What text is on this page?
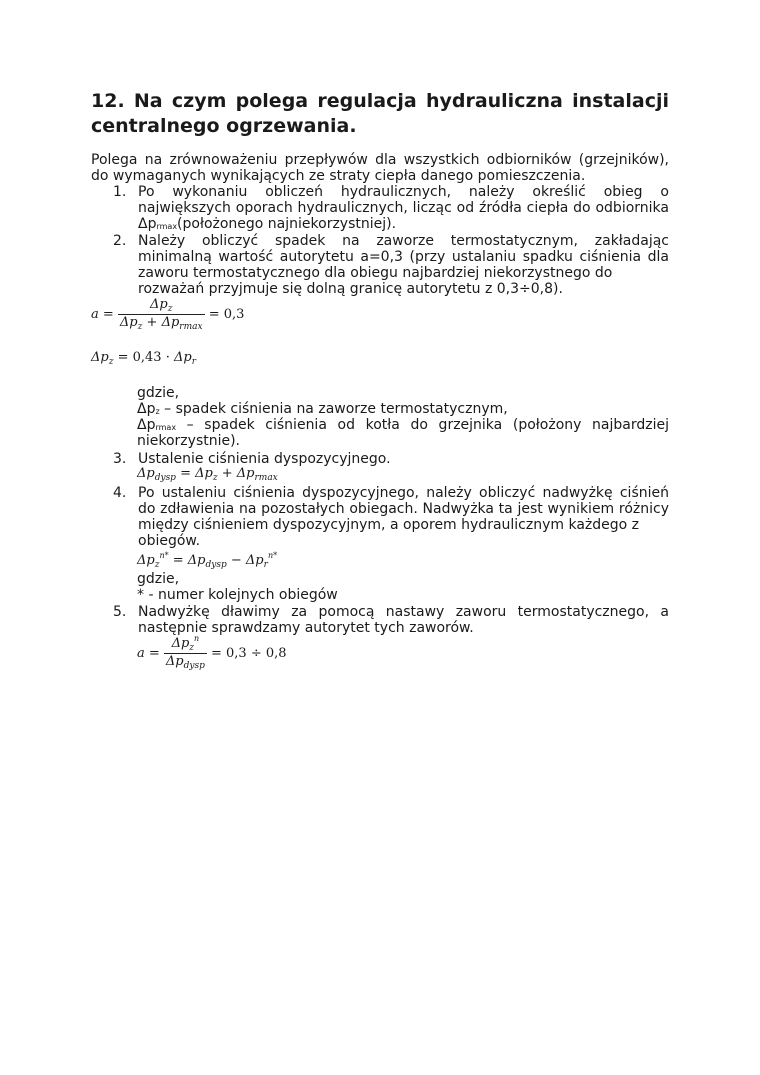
12. Na czym polega regulacja hydrauliczna instalacji centralnego ogrzewania.
Polega na zrównoważeniu przepływów dla wszystkich odbiorników (grzejników), do wymaganych wynikających ze straty ciepła danego pomieszczenia.
1. Po wykonaniu obliczeń hydraulicznych, należy określić obieg o
największych oporach hydraulicznych, licząc od źródła ciepła do odbiornika
Δprmax(położonego najniekorzystniej).
2. Należy obliczyć spadek na zaworze termostatycznym, zakładając minimalną wartość autorytetu a=0,3 (przy ustalaniu spadku ciśnienia dla zaworu termostatycznego dla obiegu najbardziej niekorzystnego do
rozważań przyjmuje się dolną granicę autorytetu z 0,3÷0,8).
$a = \frac{\Delta p_z}{\Delta p_z + \Delta p_{rmax}} = 0,3$
$\Delta p_z = 0,43 \cdot \Delta p_r$
gdzie,
Δpz – spadek ciśnienia na zaworze termostatycznym,
Δprmax – spadek ciśnienia od kotła do grzejnika (położony najbardziej
niekorzystnie).
3. Ustalenie ciśnienia dyspozycyjnego.
$\Delta p_{dysp} = \Delta p_z + \Delta p_{rmax}$
4. Po ustaleniu ciśnienia dyspozycyjnego, należy obliczyć nadwyżkę ciśnień do zdławienia na pozostałych obiegach. Nadwyżka ta jest wynikiem różnicy między ciśnieniem dyspozycyjnym, a oporem hydraulicznym każdego z
obiegów.
$\Delta p_z^{n*} = \Delta p_{dysp} - \Delta p_r^{n*}$
gdzie,
* - numer kolejnych obiegów
5. Nadwyżkę dławimy za pomocą nastawy zaworu termostatycznego, a
następnie sprawdzamy autorytet tych zaworów.
$a = \frac{\Delta p_z^n}{\Delta p_{dysp}} = 0,3 \div 0,8$
